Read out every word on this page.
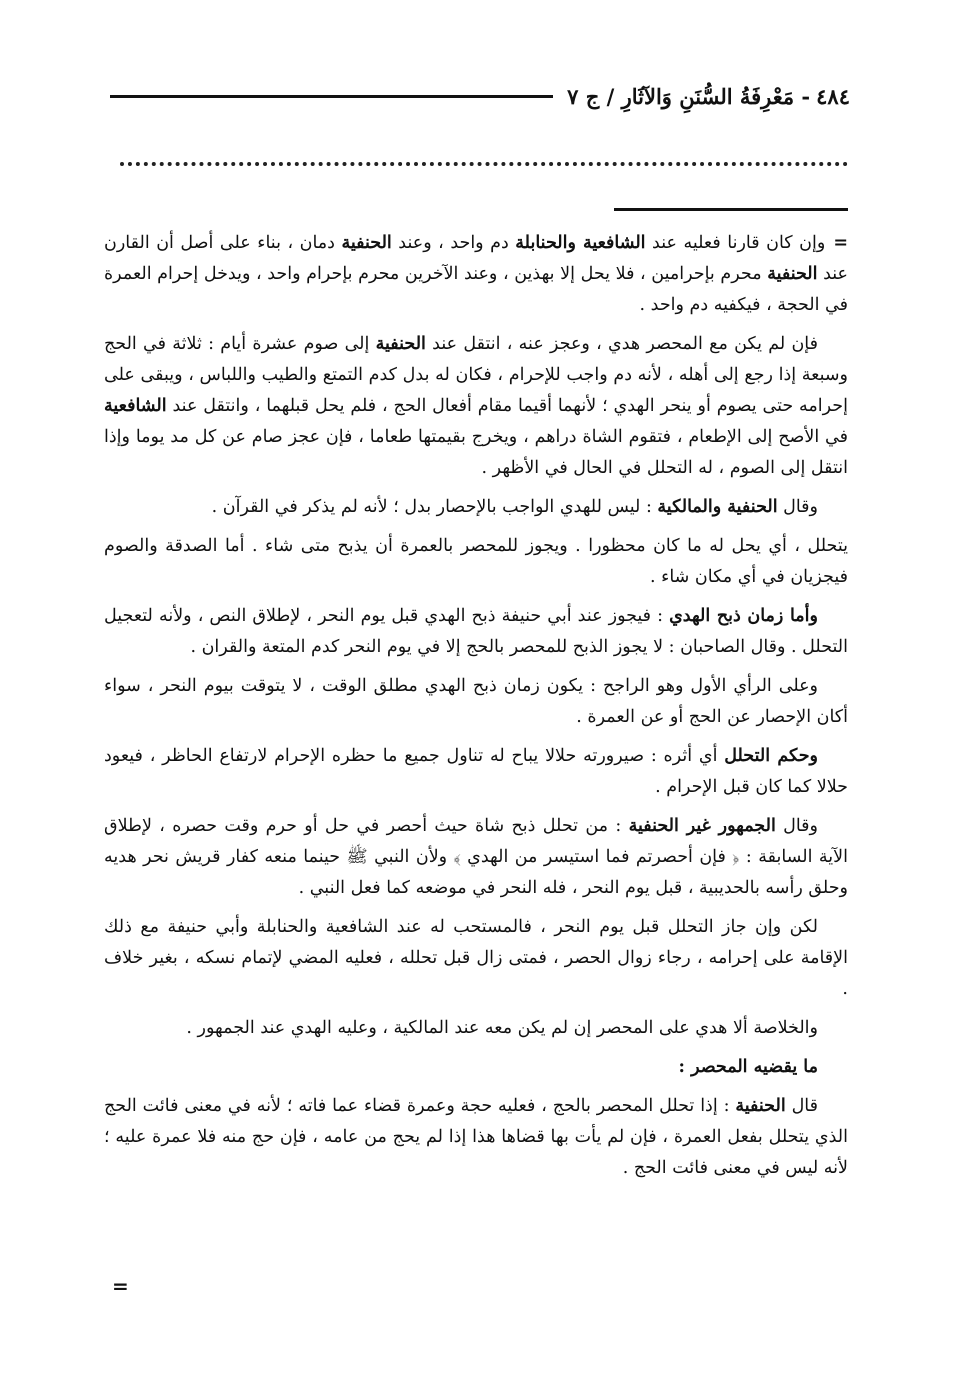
٤٨٤
- مَعْرِفَةُ السُّنَنِ وَالآثَارِ / ج ٧

=وإن كان قارنا فعليه عند الشافعية والحنابلة دم واحد ، وعند الحنفية دمان ، بناء على أصل أن القارن عند الحنفية محرم بإحرامين ، فلا يحل إلا بهذين ، وعند الآخرين محرم بإحرام واحد ، ويدخل إحرام العمرة في الحجة ، فيكفيه دم واحد .

فإن لم يكن مع المحصر هدي ، وعجز عنه ، انتقل عند الحنفية إلى صوم عشرة أيام : ثلاثة في الحج وسبعة إذا رجع إلى أهله ، لأنه دم واجب للإحرام ، فكان له بدل كدم التمتع والطيب واللباس ، ويبقى على إحرامه حتى يصوم أو ينحر الهدي ؛ لأنهما أقيما مقام أفعال الحج ، فلم يحل قبلهما ، وانتقل عند الشافعية في الأصح إلى الإطعام ، فتقوم الشاة دراهم ، ويخرج بقيمتها طعاما ، فإن عجز صام عن كل مد يوما وإذا انتقل إلى الصوم ، له التحلل في الحال في الأظهر .

وقال الحنفية والمالكية : ليس للهدي الواجب بالإحصار بدل ؛ لأنه لم يذكر في القرآن .

يتحلل ، أي يحل له ما كان محظورا . ويجوز للمحصر بالعمرة أن يذبح متى شاء . أما الصدقة والصوم فيجزيان في أي مكان شاء .

وأما زمان ذبح الهدي : فيجوز عند أبي حنيفة ذبح الهدي قبل يوم النحر ، لإطلاق النص ، ولأنه لتعجيل التحلل . وقال الصاحبان : لا يجوز الذبح للمحصر بالحج إلا في يوم النحر كدم المتعة والقران .

وعلى الرأي الأول وهو الراجح : يكون زمان ذبح الهدي مطلق الوقت ، لا يتوقت بيوم النحر ، سواء أكان الإحصار عن الحج أو عن العمرة .

وحكم التحلل أي أثره : صيرورته حلالا يباح له تناول جميع ما حظره الإحرام لارتفاع الحاظر ، فيعود حلالا كما كان قبل الإحرام .

وقال الجمهور غير الحنفية : من تحلل ذبح شاة حيث أحصر في حل أو حرم وقت حصره ، لإطلاق الآية السابقة : ﴿ فإن أحصرتم فما استيسر من الهدي ﴾ ولأن النبي ﷺ حينما منعه كفار قريش نحر هديه وحلق رأسه بالحديبية ، قبل يوم النحر ، فله النحر في موضعه كما فعل النبي .

لكن وإن جاز التحلل قبل يوم النحر ، فالمستحب له عند الشافعية والحنابلة وأبي حنيفة مع ذلك الإقامة على إحرامه ، رجاء زوال الحصر ، فمتى زال قبل تحلله ، فعليه المضي لإتمام نسكه ، بغير خلاف .

والخلاصة ألا هدي على المحصر إن لم يكن معه عند المالكية ، وعليه الهدي عند الجمهور .

ما يقضيه المحصر :

قال الحنفية : إذا تحلل المحصر بالحج ، فعليه حجة وعمرة قضاء عما فاته ؛ لأنه في معنى فائت الحج الذي يتحلل بفعل العمرة ، فإن لم يأت بها قضاها هذا إذا لم يحج من عامه ، فإن حج منه فلا عمرة عليه ؛ لأنه ليس في معنى فائت الحج .

=
